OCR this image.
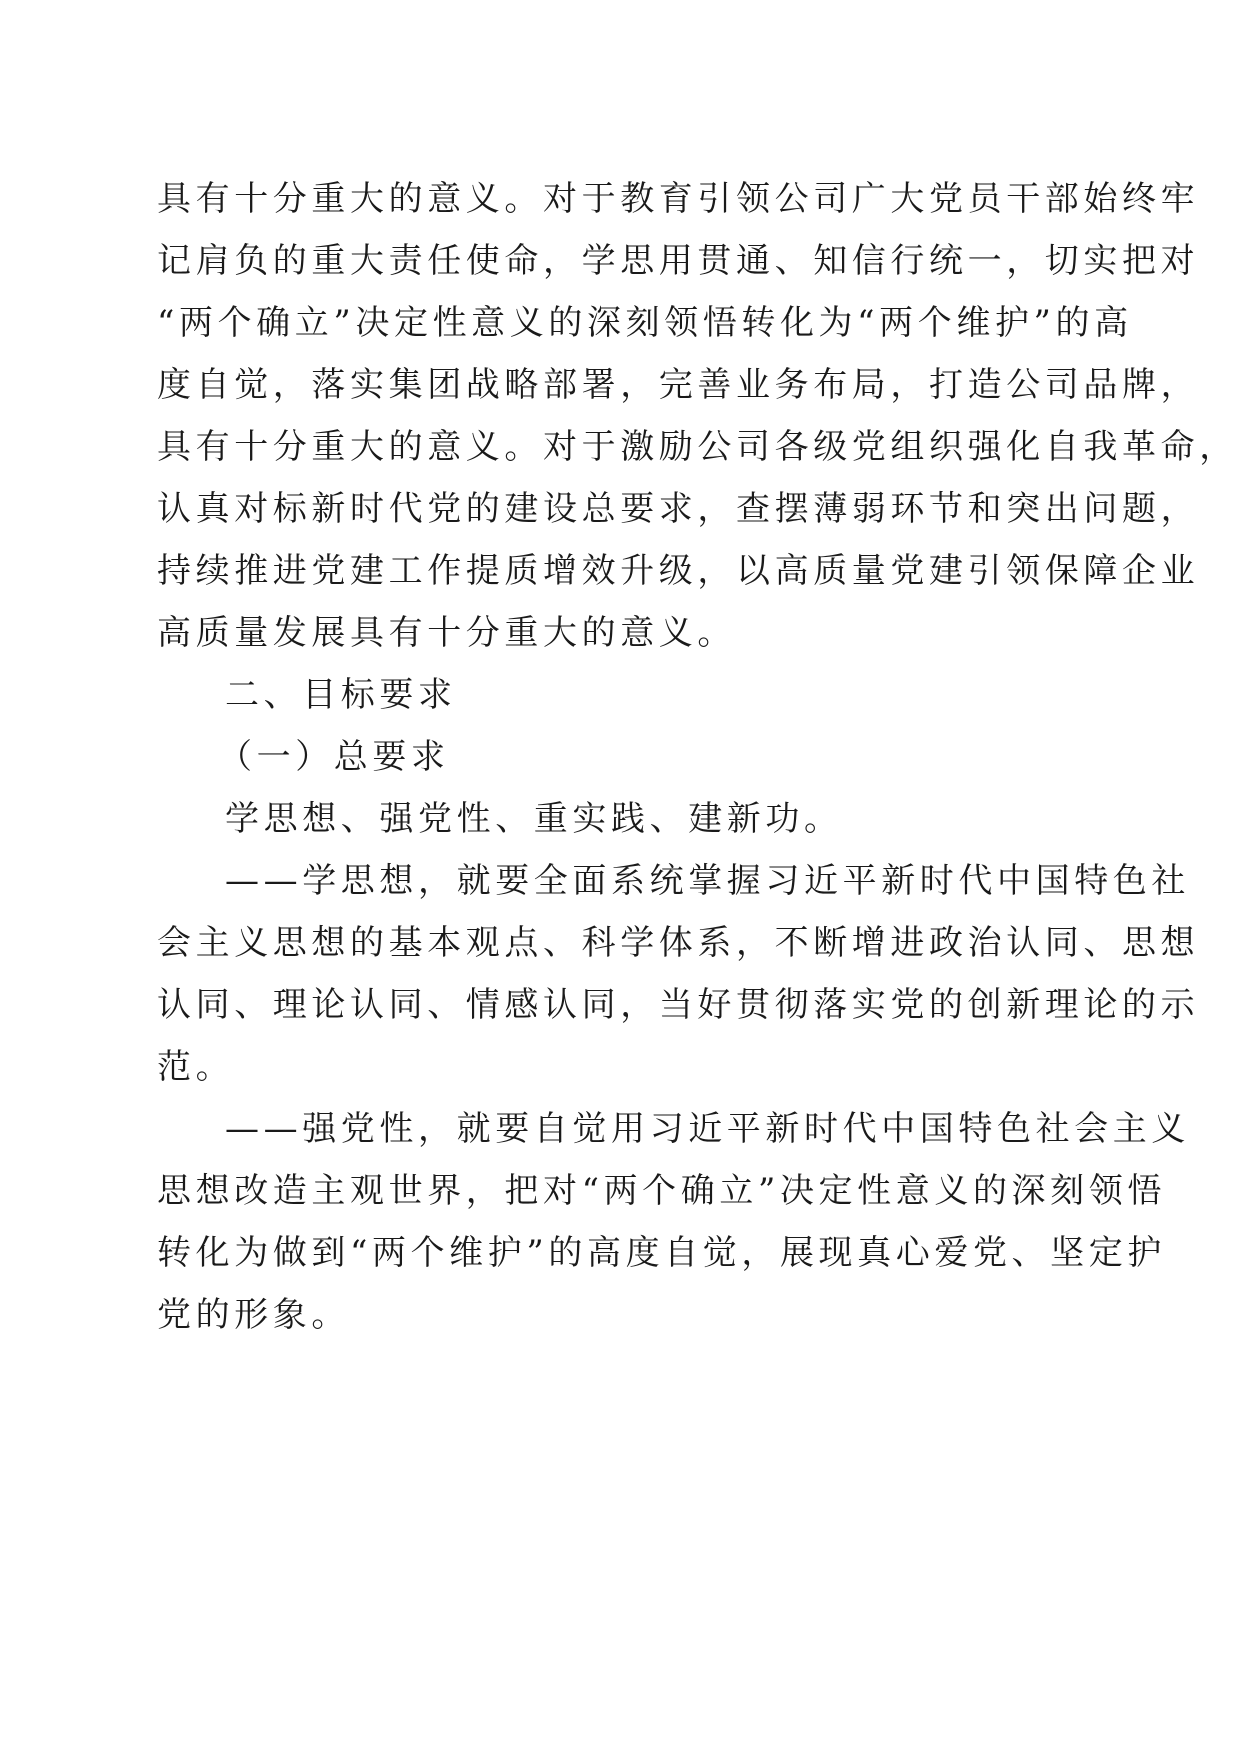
具有十分重大的意义。对于教育引领公司广大党员干部始终牢
记肩负的重大责任使命，学思用贯通、知信行统一，切实把对
“两个确立”决定性意义的深刻领悟转化为“两个维护”的高
度自觉，落实集团战略部署，完善业务布局，打造公司品牌，
具有十分重大的意义。对于激励公司各级党组织强化自我革命，
认真对标新时代党的建设总要求，查摆薄弱环节和突出问题，
持续推进党建工作提质增效升级，以高质量党建引领保障企业
高质量发展具有十分重大的意义。
二、目标要求
（一）总要求
学思想、强党性、重实践、建新功。
——学思想，就要全面系统掌握习近平新时代中国特色社
会主义思想的基本观点、科学体系，不断增进政治认同、思想
认同、理论认同、情感认同，当好贯彻落实党的创新理论的示
范。
——强党性，就要自觉用习近平新时代中国特色社会主义
思想改造主观世界，把对“两个确立”决定性意义的深刻领悟
转化为做到“两个维护”的高度自觉，展现真心爱党、坚定护
党的形象。
